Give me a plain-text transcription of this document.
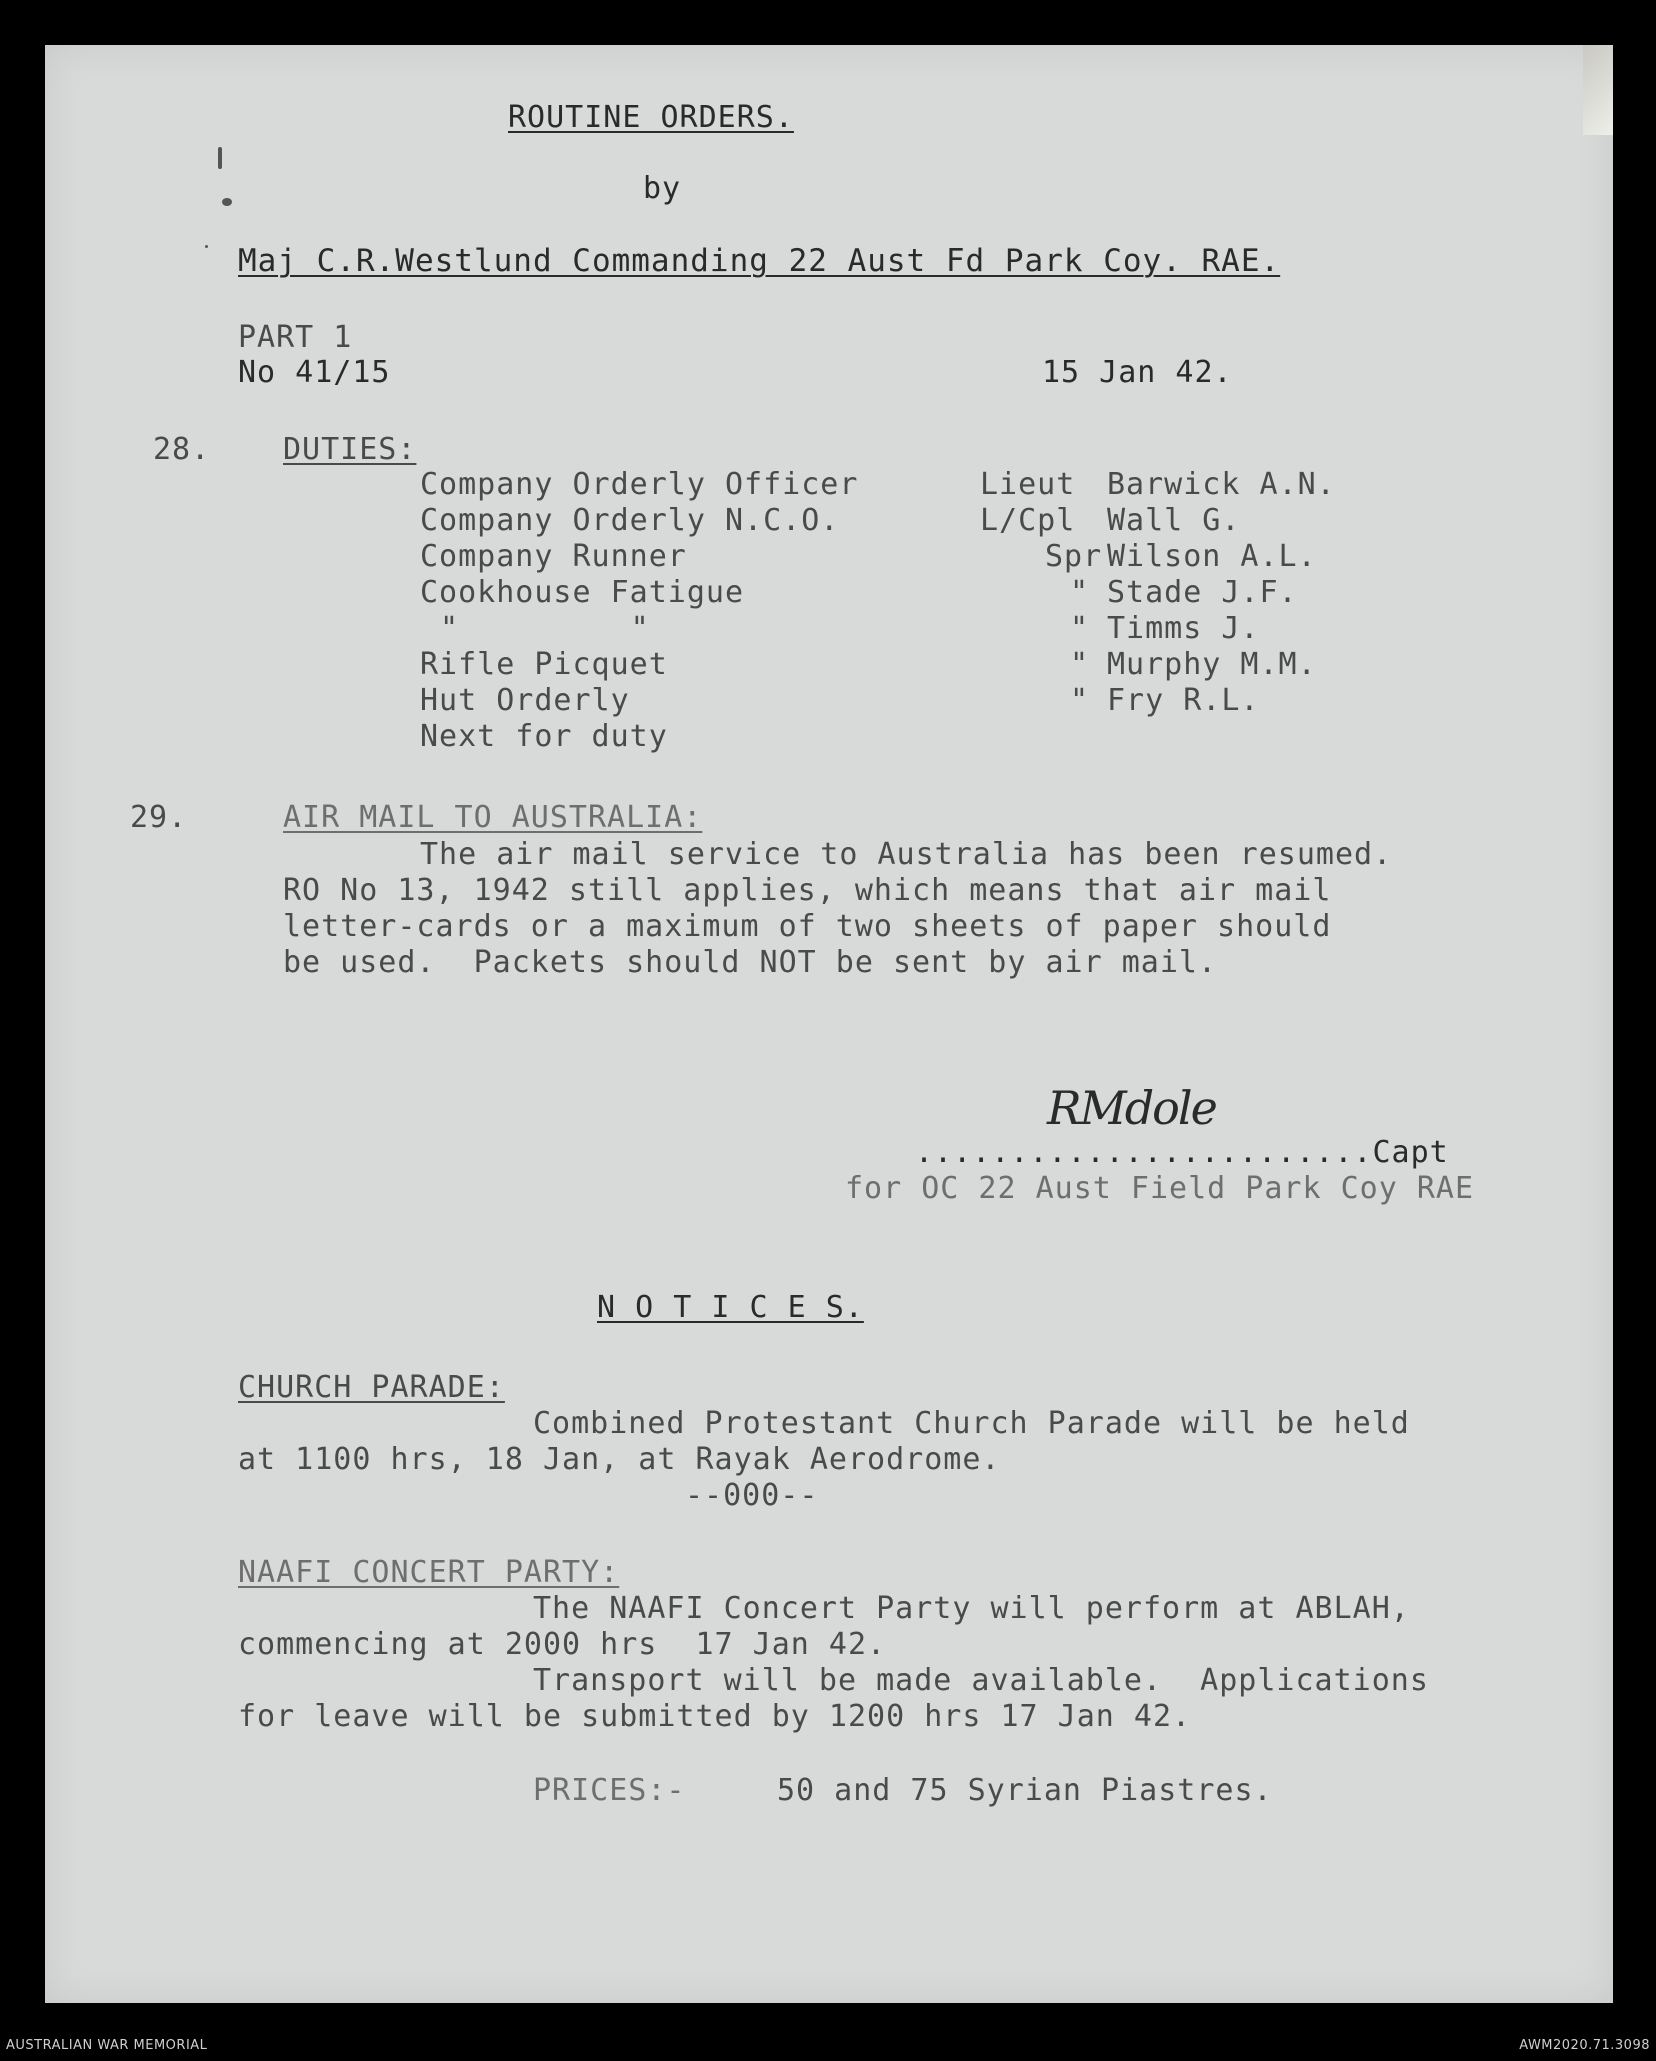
ROUTINE ORDERS.
by
Maj C.R.Westlund Commanding 22 Aust Fd Park Coy. RAE.
PART 1
No 41/15	15 Jan 42.
28. DUTIES:
Company Orderly Officer	Lieut Barwick A.N.
Company Orderly N.C.O.	L/Cpl Wall G.
Company Runner	Spr Wilson A.L.
Cookhouse Fatigue	" Stade J.F.
"         "	" Timms J.
Rifle Picquet	" Murphy M.M.
Hut Orderly	" Fry R.L.
Next for duty
29.	AIR MAIL TO AUSTRALIA:
The air mail service to Australia has been resumed.
RO No 13, 1942 still applies, which means that air mail
letter-cards or a maximum of two sheets of paper should
be used.  Packets should NOT be sent by air mail.
RMdole
........................Capt
for OC 22 Aust Field Park Coy RAE
N O T I C E S.
CHURCH PARADE:
Combined Protestant Church Parade will be held
at 1100 hrs, 18 Jan, at Rayak Aerodrome.
--000--
NAAFI CONCERT PARTY:
The NAAFI Concert Party will perform at ABLAH,
commencing at 2000 hrs  17 Jan 42.
Transport will be made available.  Applications
for leave will be submitted by 1200 hrs 17 Jan 42.
PRICES:-	50 and 75 Syrian Piastres.
AUSTRALIAN WAR MEMORIAL	AWM2020.71.3098
